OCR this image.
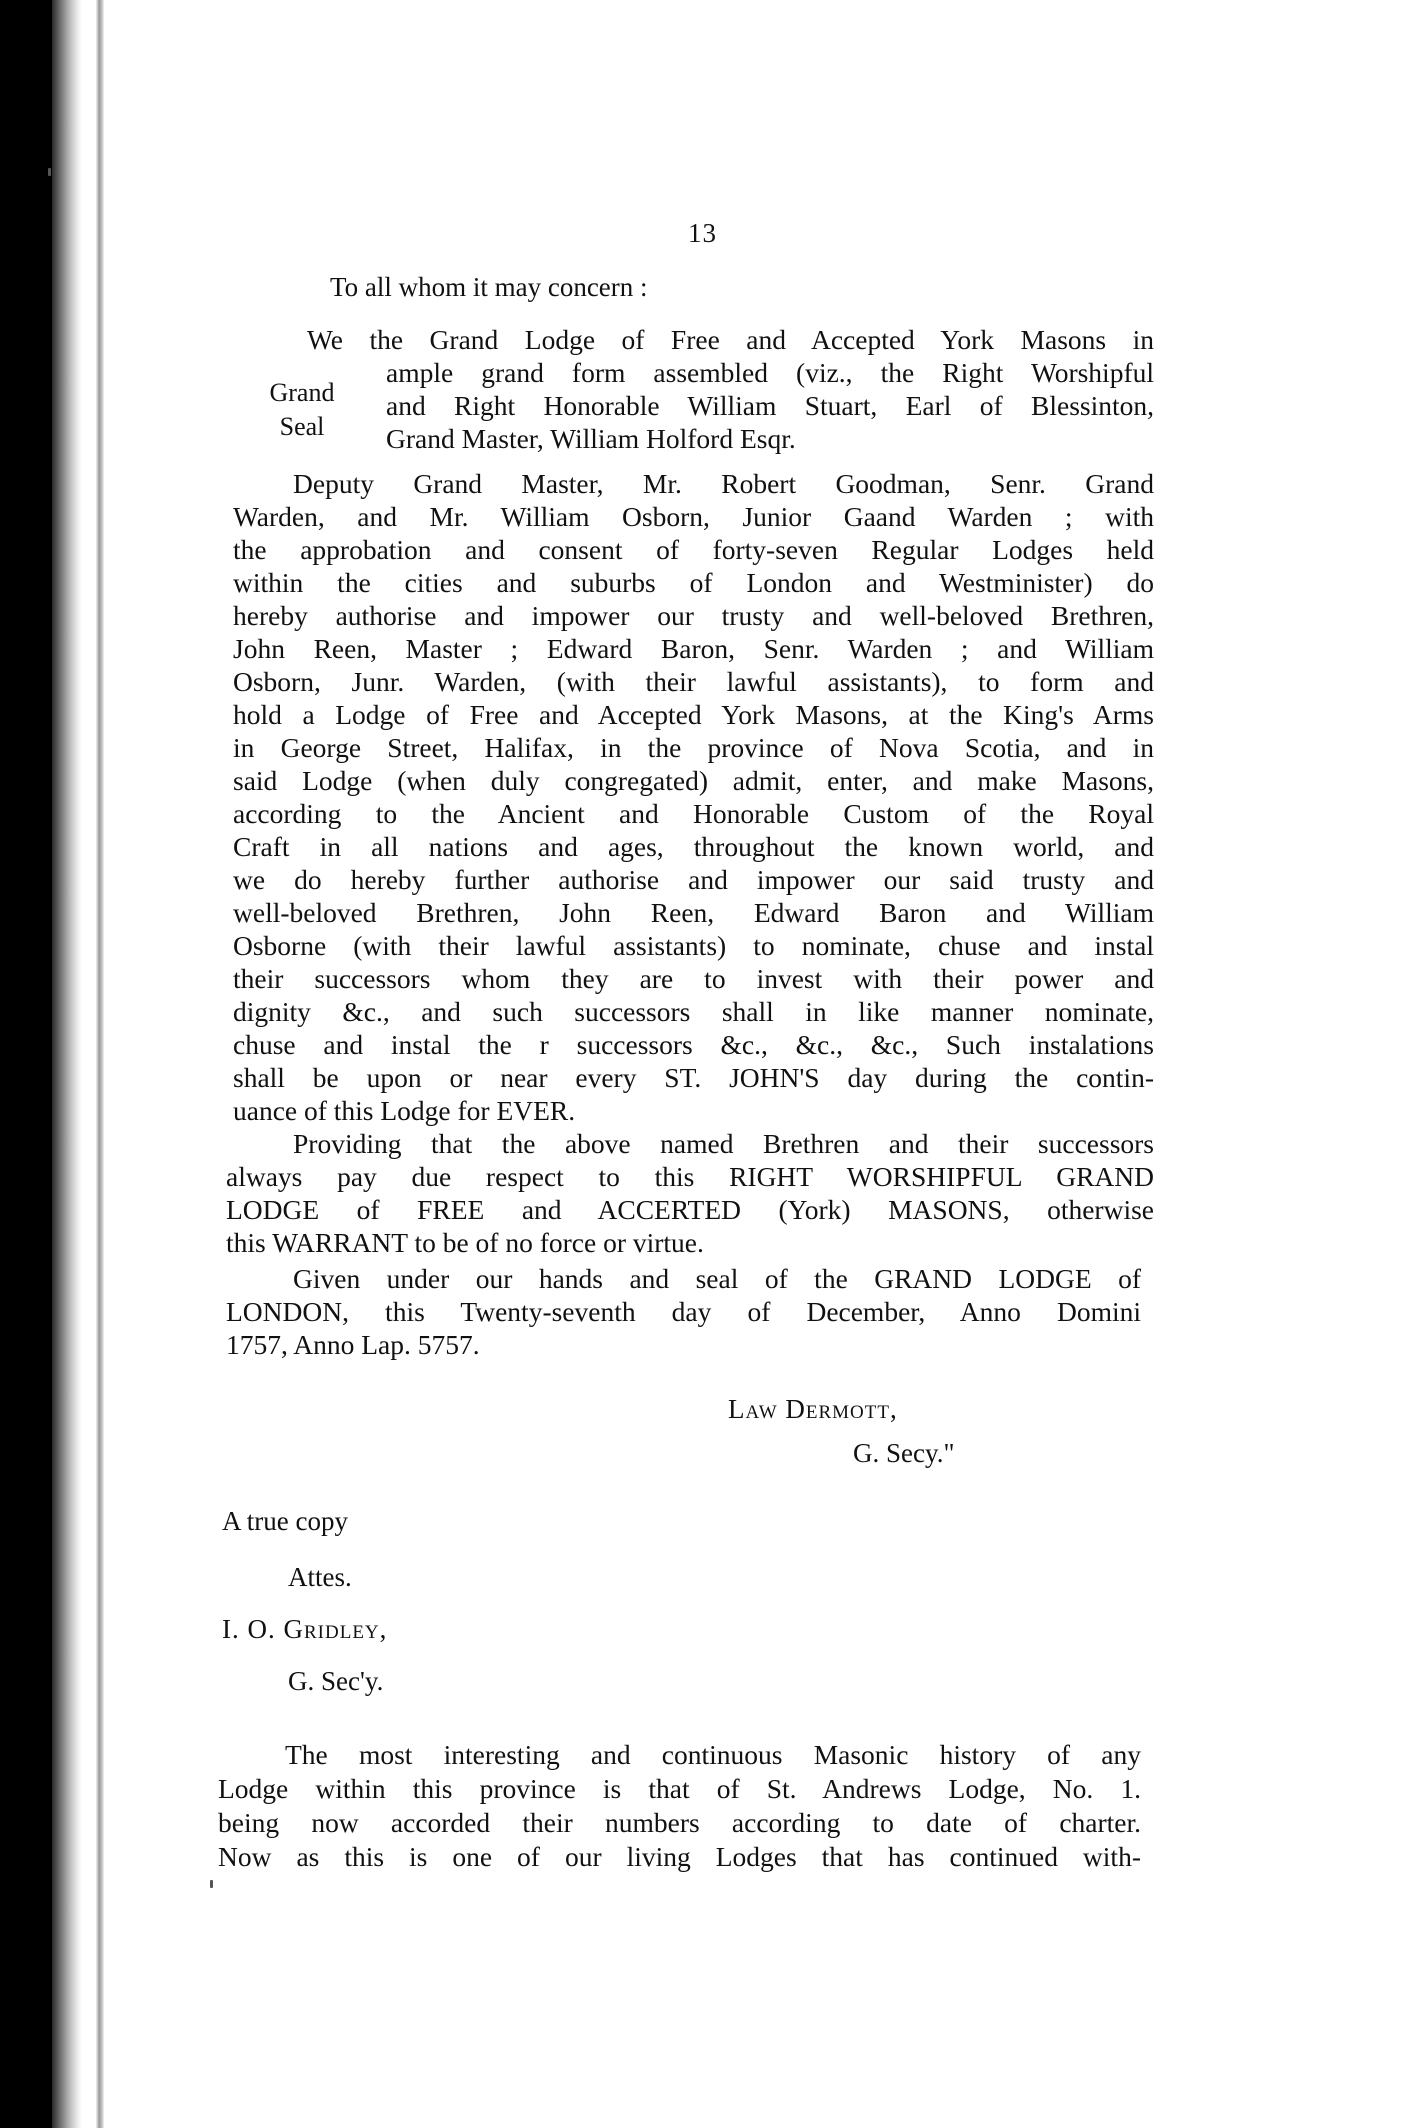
13
To all whom it may concern :
Grand
Seal
We the Grand Lodge of Free and Accepted York Masons in
ample grand form assembled (viz., the Right Worshipful
and Right Honorable William Stuart, Earl of Blessinton,
Grand Master, William Holford Esqr.
Deputy Grand Master, Mr. Robert Goodman, Senr. Grand
Warden, and Mr. William Osborn, Junior Gaand Warden ; with
the approbation and consent of forty-seven Regular Lodges held
within the cities and suburbs of London and Westminister) do
hereby authorise and impower our trusty and well-beloved Brethren,
John Reen, Master ; Edward Baron, Senr. Warden ; and William
Osborn, Junr. Warden, (with their lawful assistants), to form and
hold a Lodge of Free and Accepted York Masons, at the King's Arms
in George Street, Halifax, in the province of Nova Scotia, and in
said Lodge (when duly congregated) admit, enter, and make Masons,
according to the Ancient and Honorable Custom of the Royal
Craft in all nations and ages, throughout the known world, and
we do hereby further authorise and impower our said trusty and
well-beloved Brethren, John Reen, Edward Baron and William
Osborne (with their lawful assistants) to nominate, chuse and instal
their successors whom they are to invest with their power and
dignity &c., and such successors shall in like manner nominate,
chuse and instal the r successors &c., &c., &c., Such instalations
shall be upon or near every ST. JOHN'S day during the contin-
uance of this Lodge for EVER.
Providing that the above named Brethren and their successors
always pay due respect to this RIGHT WORSHIPFUL GRAND
LODGE of FREE and ACCERTED (York) MASONS, otherwise
this WARRANT to be of no force or virtue.
Given under our hands and seal of the GRAND LODGE of
LONDON, this Twenty-seventh day of December, Anno Domini
1757, Anno Lap. 5757.
Law Dermott,
G. Secy."
A true copy
Attes.
I. O. Gridley,
G. Sec'y.
The most interesting and continuous Masonic history of any
Lodge within this province is that of St. Andrews Lodge, No. 1.
being now accorded their numbers according to date of charter.
Now as this is one of our living Lodges that has continued with-
